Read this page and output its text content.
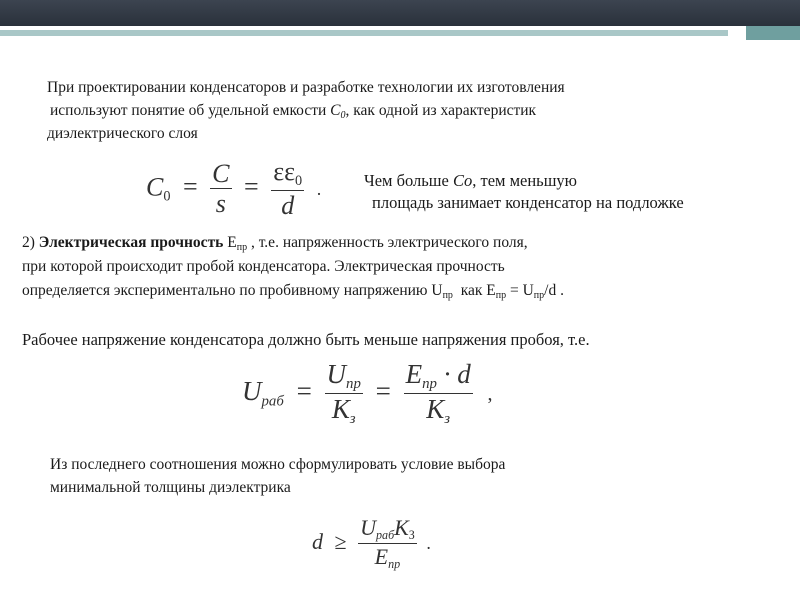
При проектировании конденсаторов и разработке технологии их изготовления
используют понятие об удельной емкости $C_0$, как одной из характеристик
диэлектрического слоя
$C0 = \frac{C}{s} = \frac{\varepsilon\varepsilon 0}{d}$ .	Чем больше Co, тем меньшую
площадь занимает конденсатор на подложке
2) Электрическая прочность $E_{пр}$ , т.е. напряженность электрического поля,
при которой происходит пробой конденсатора. Электрическая прочность
определяется экспериментально по пробивному напряжению $U_{пр}$  как $E_{пр} = U_{пр}/d$ .
Рабочее напряжение конденсатора должно быть меньше напряжения пробоя, т.е.
Uраб = $\frac{\text{Uпр}}{Кз} = \frac{\text{Eпр · d}}{Кз}$ ,
Из последнего соотношения можно сформулировать условие выбора
минимальной толщины диэлектрика
$d \ge \frac{\text{UрабКЗ}}{\text{Eпр}}$ .
